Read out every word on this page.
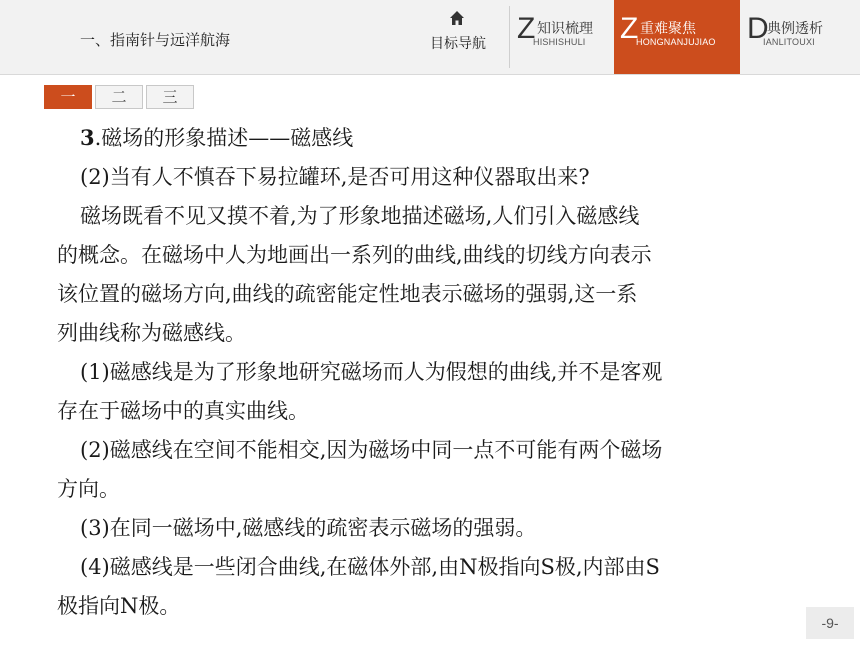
一、指南针与远洋航海	目标导航	Z 知识梳理
HISHISHULI Z 重难聚焦
HONGNANJUJIAO D
典例透析
IANLITOUXI
一	二	三

3.磁场的形象描述——磁感线

(2)当有人不慎吞下易拉罐环,是否可用这种仪器取出来?

磁场既看不见又摸不着,为了形象地描述磁场,人们引入磁感线

的概念。在磁场中人为地画出一系列的曲线,曲线的切线方向表示

该位置的磁场方向,曲线的疏密能定性地表示磁场的强弱,这一系

列曲线称为磁感线。

(1)磁感线是为了形象地研究磁场而人为假想的曲线,并不是客观

存在于磁场中的真实曲线。

(2)磁感线在空间不能相交,因为磁场中同一点不可能有两个磁场

方向。

(3)在同一磁场中,磁感线的疏密表示磁场的强弱。

(4)磁感线是一些闭合曲线,在磁体外部,由N极指向S极,内部由S

极指向N极。

-9-
